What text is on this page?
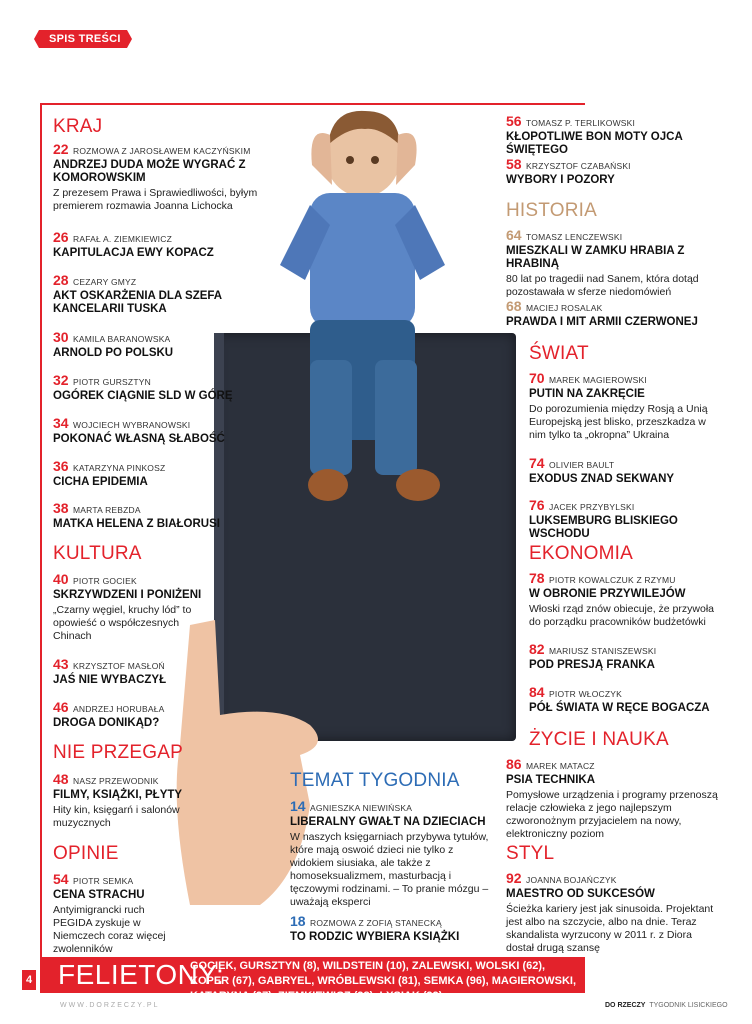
SPIS TREŚCI
KRAJ
22 ROZMOWA Z JAROSŁAWEM KACZYŃSKIM
ANDRZEJ DUDA MOŻE WYGRAĆ Z KOMOROWSKIM
Z prezesem Prawa i Sprawiedliwości, byłym premierem rozmawia Joanna Lichocka
26 RAFAŁ A. ZIEMKIEWICZ
KAPITULACJA EWY KOPACZ
28 CEZARY GMYZ
AKT OSKARŻENIA DLA SZEFA KANCELARII TUSKA
30 KAMILA BARANOWSKA
ARNOLD PO POLSKU
32 PIOTR GURSZTYN
OGÓREK CIĄGNIE SLD W GÓRĘ
34 WOJCIECH WYBRANOWSKI
POKONAĆ WŁASNĄ SŁABOŚĆ
36 KATARZYNA PINKOSZ
CICHA EPIDEMIA
38 MARTA REBZDA
MATKA HELENA Z BIAŁORUSI
KULTURA
40 PIOTR GOCIEK
SKRZYWDZENI I PONIŻENI
„Czarny węgiel, kruchy lód” to opowieść o współczesnych Chinach
43 KRZYSZTOF MASŁOŃ
JAŚ NIE WYBACZYŁ
46 ANDRZEJ HORUBAŁA
DROGA DONIKĄD?
NIE PRZEGAP
48 NASZ PRZEWODNIK
FILMY, KSIĄŻKI, PŁYTY
Hity kin, księgarń i salonów muzycznych
OPINIE
54 PIOTR SEMKA
CENA STRACHU
Antyimigrancki ruch PEGIDA zyskuje w Niemczech coraz więcej zwolenników
TEMAT TYGODNIA
14 AGNIESZKA NIEWIŃSKA
LIBERALNY GWAŁT NA DZIECIACH
W naszych księgarniach przybywa tytułów, które mają oswoić dzieci nie tylko z widokiem siusiaka, ale także z homoseksualizmem, masturbacją i tęczowymi rodzinami. – To pranie mózgu – uważają eksperci
18 ROZMOWA Z ZOFIĄ STANECKĄ
TO RODZIC WYBIERA KSIĄŻKI
56 TOMASZ P. TERLIKOWSKI
KŁOPOTLIWE BON MOTY OJCA ŚWIĘTEGO
58 KRZYSZTOF CZABAŃSKI
WYBORY I POZORY
HISTORIA
64 TOMASZ LENCZEWSKI
MIESZKALI W ZAMKU HRABIA Z HRABINĄ
80 lat po tragedii nad Sanem, która dotąd pozostawała w sferze niedomówień
68 MACIEJ ROSALAK
PRAWDA I MIT ARMII CZERWONEJ
ŚWIAT
70 MAREK MAGIEROWSKI
PUTIN NA ZAKRĘCIE
Do porozumienia między Rosją a Unią Europejską jest blisko, przeszkadza w nim tylko ta „okropna” Ukraina
74 OLIVIER BAULT
EXODUS ZNAD SEKWANY
76 JACEK PRZYBYLSKI
LUKSEMBURG BLISKIEGO WSCHODU
EKONOMIA
78 PIOTR KOWALCZUK Z RZYMU
W OBRONIE PRZYWILEJÓW
Włoski rząd znów obiecuje, że przywoła do porządku pracowników budżetówki
82 MARIUSZ STANISZEWSKI
POD PRESJĄ FRANKA
84 PIOTR WŁOCZYK
PÓŁ ŚWIATA W RĘCE BOGACZA
ŻYCIE I NAUKA
86 MAREK MATACZ
PSIA TECHNIKA
Pomysłowe urządzenia i programy przenoszą relacje człowieka z jego najlepszym czworonożnym przyjacielem na nowy, elektroniczny poziom
STYL
92 JOANNA BOJAŃCZYK
MAESTRO OD SUKCESÓW
Ścieżka kariery jest jak sinusoida. Projektant jest albo na szczycie, albo na dnie. Teraz skandalista wyrzucony w 2011 r. z Diora dostał drugą szansę
FELIETONY:
GOCIEK, GURSZTYN (8), WILDSTEIN (10), ZALEWSKI, WOLSKI (62), KOPER (67), GABRYEL, WRÓBLEWSKI (81), SEMKA (96), MAGIEROWSKI, KATARYNA (97), ZIEMKIEWICZ (98), ŁYSIAK (99)
4
WWW.DORZECZY.PL	DO RZECZY TYGODNIK LISICKIEGO
